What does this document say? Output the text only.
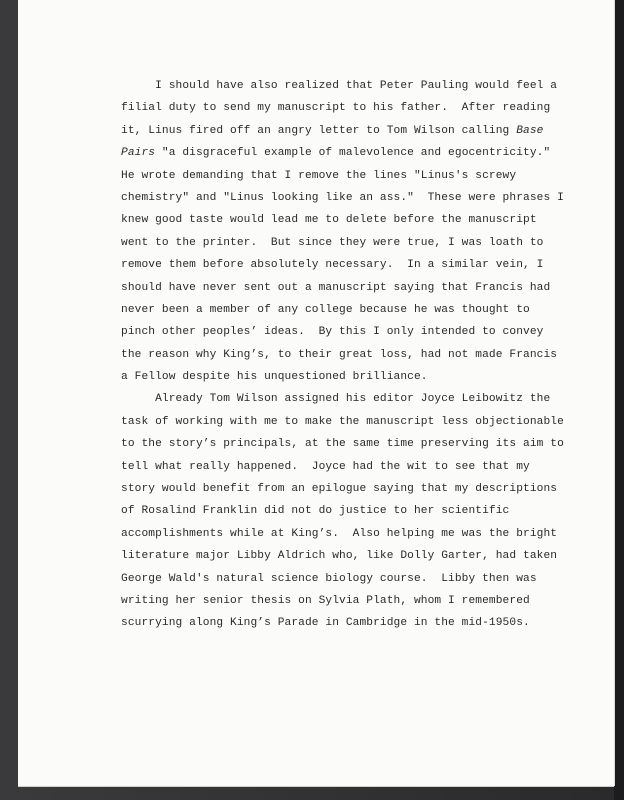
I should have also realized that Peter Pauling would feel a
filial duty to send my manuscript to his father.  After reading
it, Linus fired off an angry letter to Tom Wilson calling Base
Pairs "a disgraceful example of malevolence and egocentricity."
He wrote demanding that I remove the lines "Linus's screwy
chemistry" and "Linus looking like an ass."  These were phrases I
knew good taste would lead me to delete before the manuscript
went to the printer.  But since they were true, I was loath to
remove them before absolutely necessary.  In a similar vein, I
should have never sent out a manuscript saying that Francis had
never been a member of any college because he was thought to
pinch other peoples’ ideas.  By this I only intended to convey
the reason why King’s, to their great loss, had not made Francis
a Fellow despite his unquestioned brilliance.
Already Tom Wilson assigned his editor Joyce Leibowitz the
task of working with me to make the manuscript less objectionable
to the story’s principals, at the same time preserving its aim to
tell what really happened.  Joyce had the wit to see that my
story would benefit from an epilogue saying that my descriptions
of Rosalind Franklin did not do justice to her scientific
accomplishments while at King’s.  Also helping me was the bright
literature major Libby Aldrich who, like Dolly Garter, had taken
George Wald's natural science biology course.  Libby then was
writing her senior thesis on Sylvia Plath, whom I remembered
scurrying along King’s Parade in Cambridge in the mid-1950s.
